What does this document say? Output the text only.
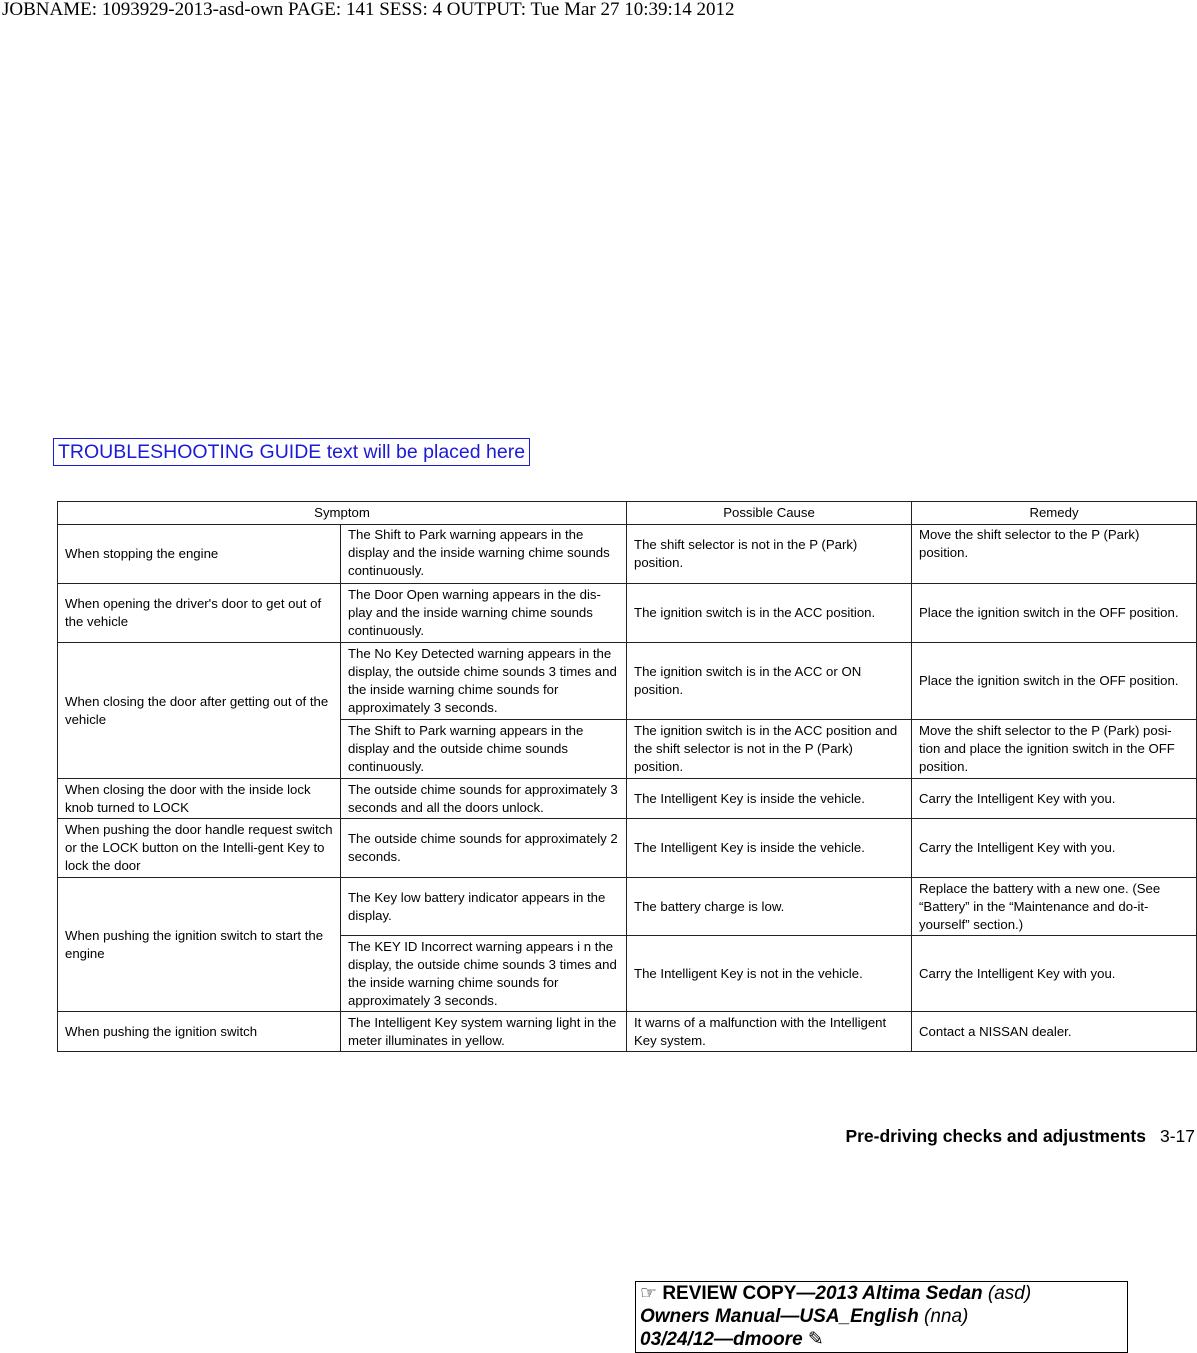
JOBNAME: 1093929-2013-asd-own PAGE: 141 SESS: 4 OUTPUT: Tue Mar 27 10:39:14 2012
TROUBLESHOOTING GUIDE text will be placed here
Symptom		Possible Cause	Remedy
When stopping the engine	The Shift to Park warning appears in the display and the inside warning chime sounds continuously.	The shift selector is not in the P (Park) position.	Move the shift selector to the P (Park) position.
When opening the driver's door to get out of the vehicle	The Door Open warning appears in the dis-play and the inside warning chime sounds continuously.	The ignition switch is in the ACC position.	Place the ignition switch in the OFF position.
When closing the door after getting out of the vehicle	The No Key Detected warning appears in the display, the outside chime sounds 3 times and the inside warning chime sounds for approximately 3 seconds.	The ignition switch is in the ACC or ON position.	Place the ignition switch in the OFF position.
	The Shift to Park warning appears in the display and the outside chime sounds continuously.	The ignition switch is in the ACC position and the shift selector is not in the P (Park) position.	Move the shift selector to the P (Park) posi-tion and place the ignition switch in the OFF position.
When closing the door with the inside lock knob turned to LOCK	The outside chime sounds for approximately 3 seconds and all the doors unlock.	The Intelligent Key is inside the vehicle.	Carry the Intelligent Key with you.
When pushing the door handle request switch or the LOCK button on the Intelli-gent Key to lock the door	The outside chime sounds for approximately 2 seconds.	The Intelligent Key is inside the vehicle.	Carry the Intelligent Key with you.
When pushing the ignition switch to start the engine	The Key low battery indicator appears in the display.	The battery charge is low.	Replace the battery with a new one. (See “Battery” in the “Maintenance and do-it-yourself” section.)
	The KEY ID Incorrect warning appears i n the display, the outside chime sounds 3 times and the inside warning chime sounds for approximately 3 seconds.	The Intelligent Key is not in the vehicle.	Carry the Intelligent Key with you.
When pushing the ignition switch	The Intelligent Key system warning light in the meter illuminates in yellow.	It warns of a malfunction with the Intelligent Key system.	Contact a NISSAN dealer.
Pre-driving checks and adjustments 3-17
☞ REVIEW COPY—2013 Altima Sedan (asd)
Owners Manual—USA_English (nna)
03/24/12—dmoore ✎
